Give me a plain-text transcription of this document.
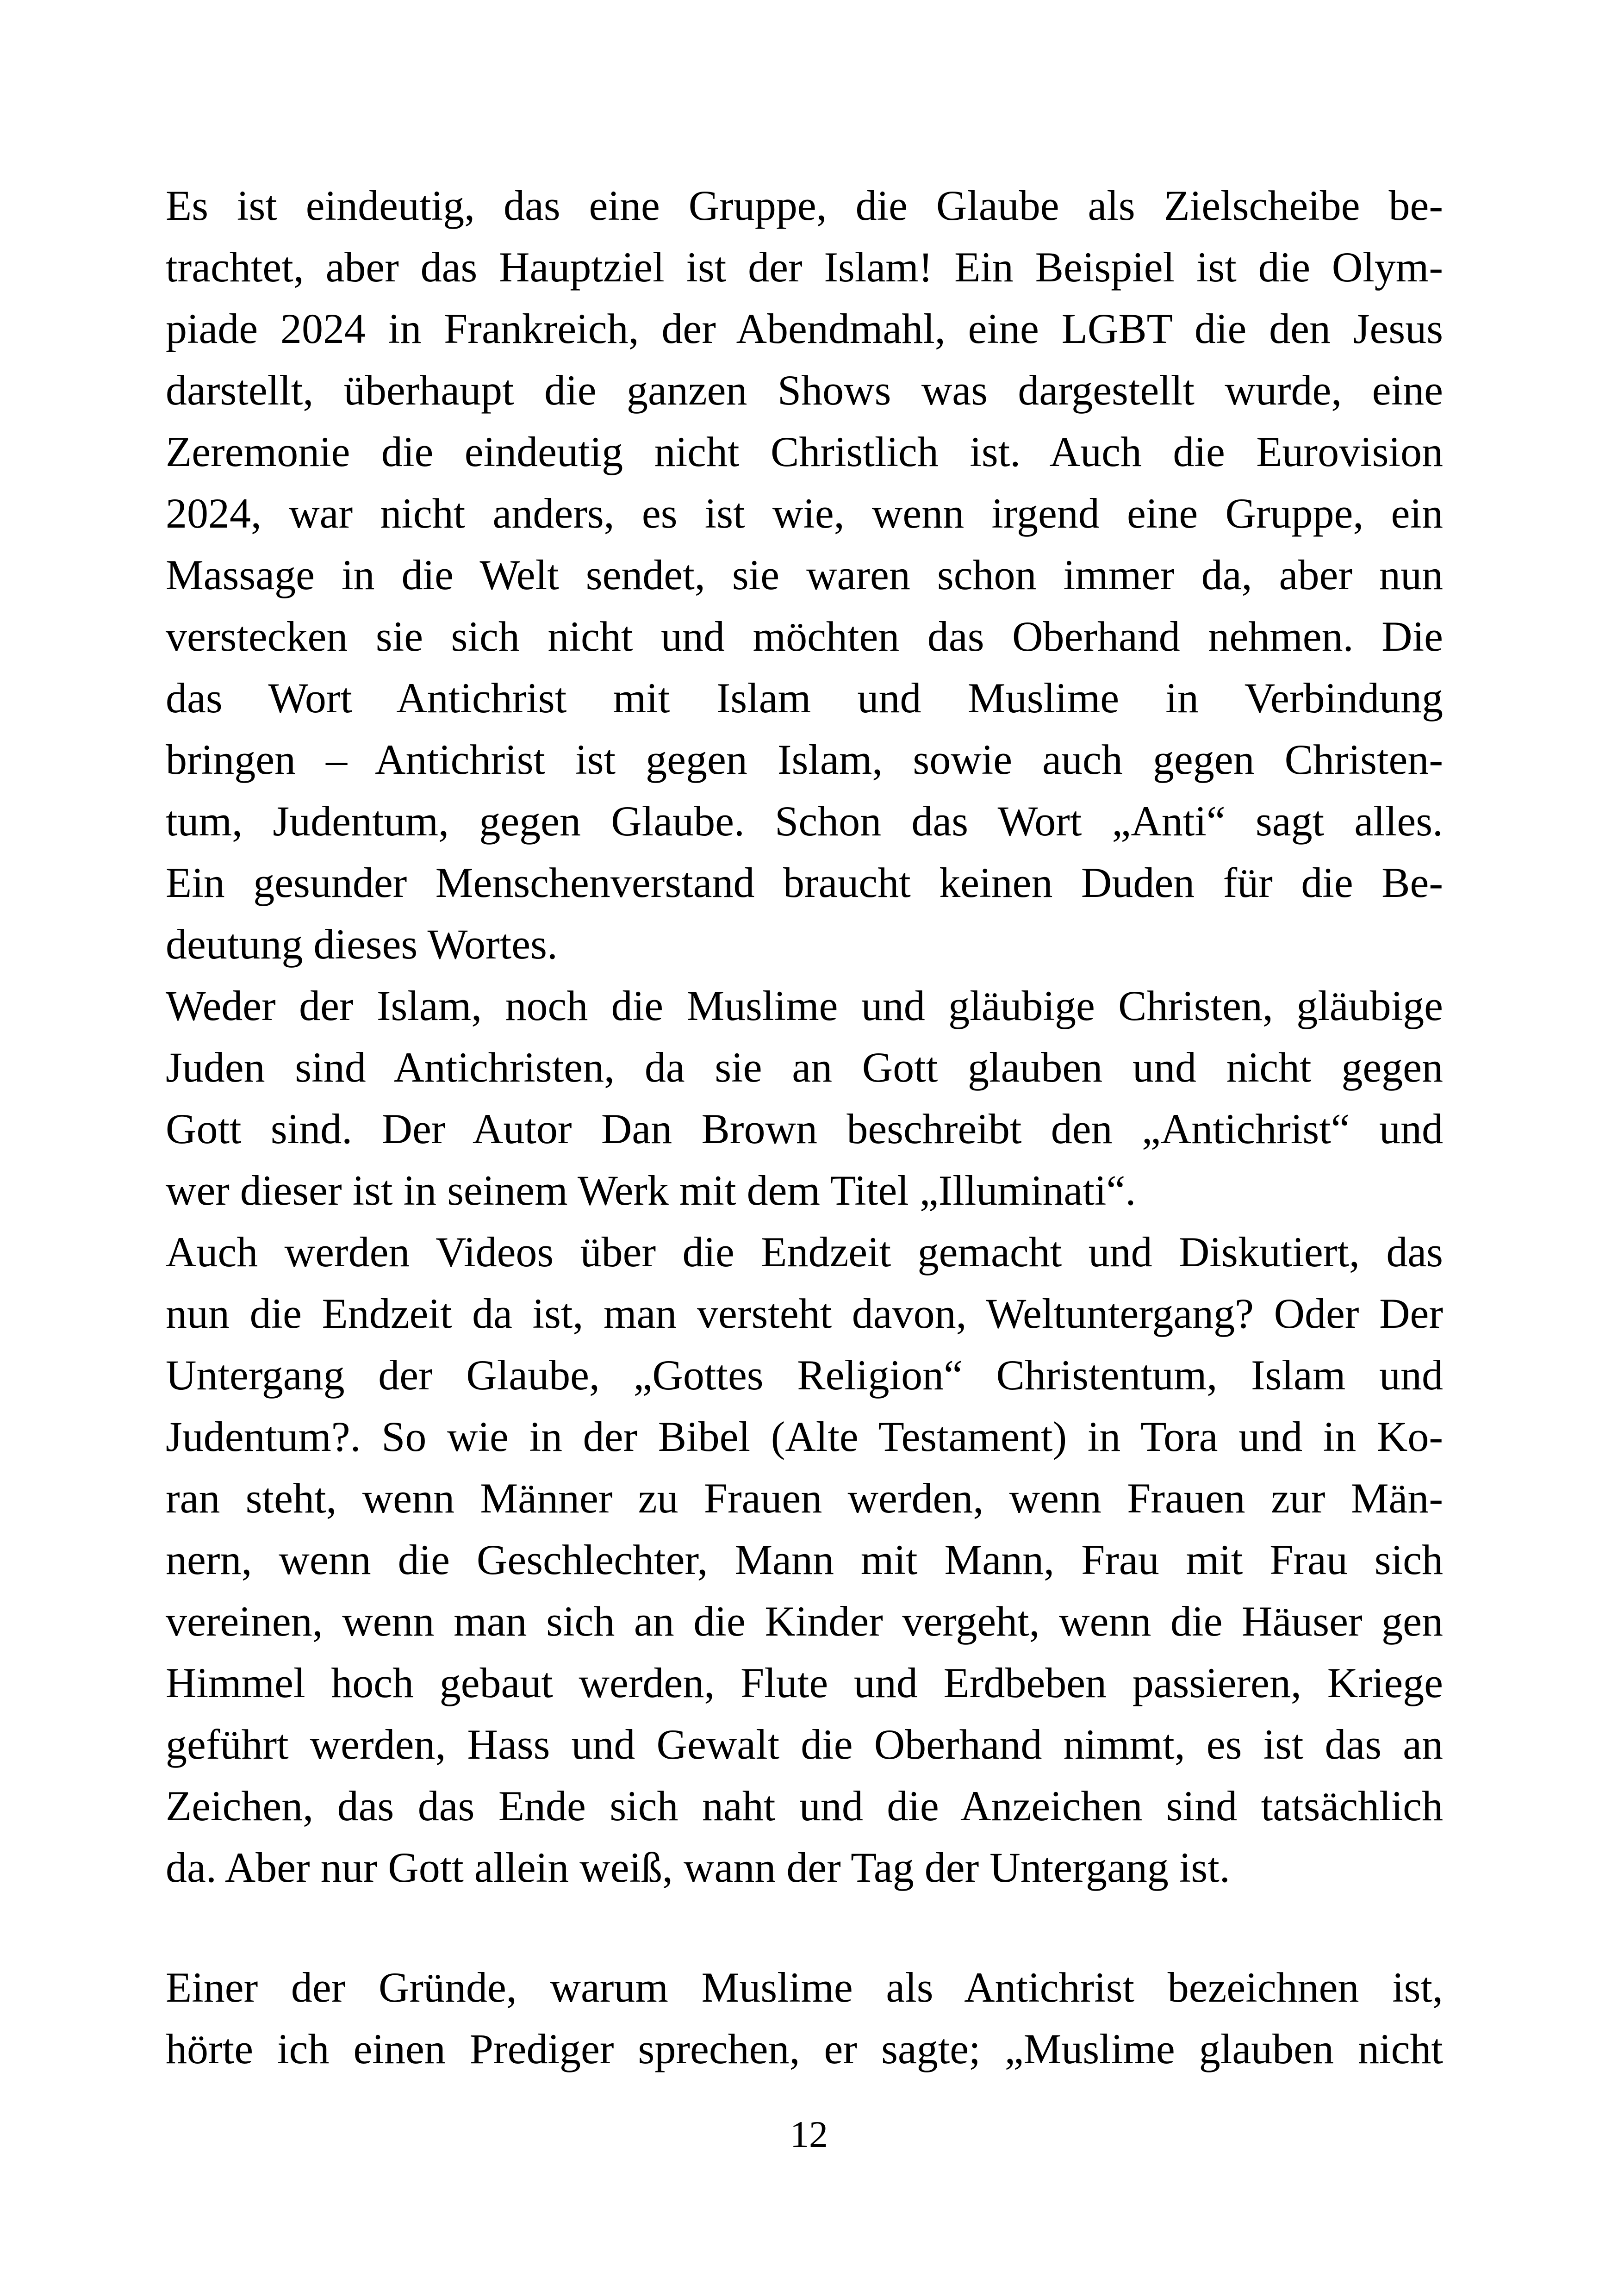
Es ist eindeutig, das eine Gruppe, die Glaube als Zielscheibe be-
trachtet, aber das Hauptziel ist der Islam! Ein Beispiel ist die Olym-
piade 2024 in Frankreich, der Abendmahl, eine LGBT die den Jesus
darstellt, überhaupt die ganzen Shows was dargestellt wurde, eine
Zeremonie die eindeutig nicht Christlich ist. Auch die Eurovision
2024, war nicht anders, es ist wie, wenn irgend eine Gruppe, ein
Massage in die Welt sendet, sie waren schon immer da, aber nun
verstecken sie sich nicht und möchten das Oberhand nehmen. Die
das Wort Antichrist mit Islam und Muslime in Verbindung
bringen – Antichrist ist gegen Islam, sowie auch gegen Christen-
tum, Judentum, gegen Glaube. Schon das Wort „Anti“ sagt alles.
Ein gesunder Menschenverstand braucht keinen Duden für die Be-
deutung dieses Wortes.
Weder der Islam, noch die Muslime und gläubige Christen, gläubige
Juden sind Antichristen, da sie an Gott glauben und nicht gegen
Gott sind. Der Autor Dan Brown beschreibt den „Antichrist“ und
wer dieser ist in seinem Werk mit dem Titel „Illuminati“.
Auch werden Videos über die Endzeit gemacht und Diskutiert, das
nun die Endzeit da ist, man versteht davon, Weltuntergang? Oder Der
Untergang der Glaube, „Gottes Religion“ Christentum, Islam und
Judentum?. So wie in der Bibel (Alte Testament) in Tora und in Ko-
ran steht, wenn Männer zu Frauen werden, wenn Frauen zur Män-
nern, wenn die Geschlechter, Mann mit Mann, Frau mit Frau sich
vereinen, wenn man sich an die Kinder vergeht, wenn die Häuser gen
Himmel hoch gebaut werden, Flute und Erdbeben passieren, Kriege
geführt werden, Hass und Gewalt die Oberhand nimmt, es ist das an
Zeichen, das das Ende sich naht und die Anzeichen sind tatsächlich
da. Aber nur Gott allein weiß, wann der Tag der Untergang ist.
Einer der Gründe, warum Muslime als Antichrist bezeichnen ist,
hörte ich einen Prediger sprechen, er sagte; „Muslime glauben nicht
12
